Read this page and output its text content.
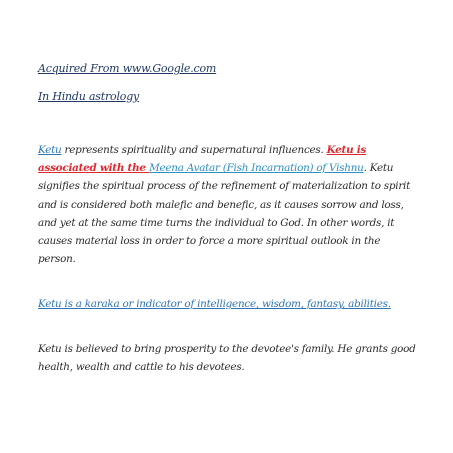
Acquired From www.Google.com
In Hindu astrology

Ketu represents spirituality and supernatural influences. Ketu is associated with the Meena Avatar (Fish Incarnation) of Vishnu. Ketu signifies the spiritual process of the refinement of materialization to spirit and is considered both malefic and benefic, as it causes sorrow and loss, and yet at the same time turns the individual to God. In other words, it causes material loss in order to force a more spiritual outlook in the person.

Ketu is a karaka or indicator of intelligence, wisdom, fantasy, abilities.

Ketu is believed to bring prosperity to the devotee's family. He grants good health, wealth and cattle to his devotees.
